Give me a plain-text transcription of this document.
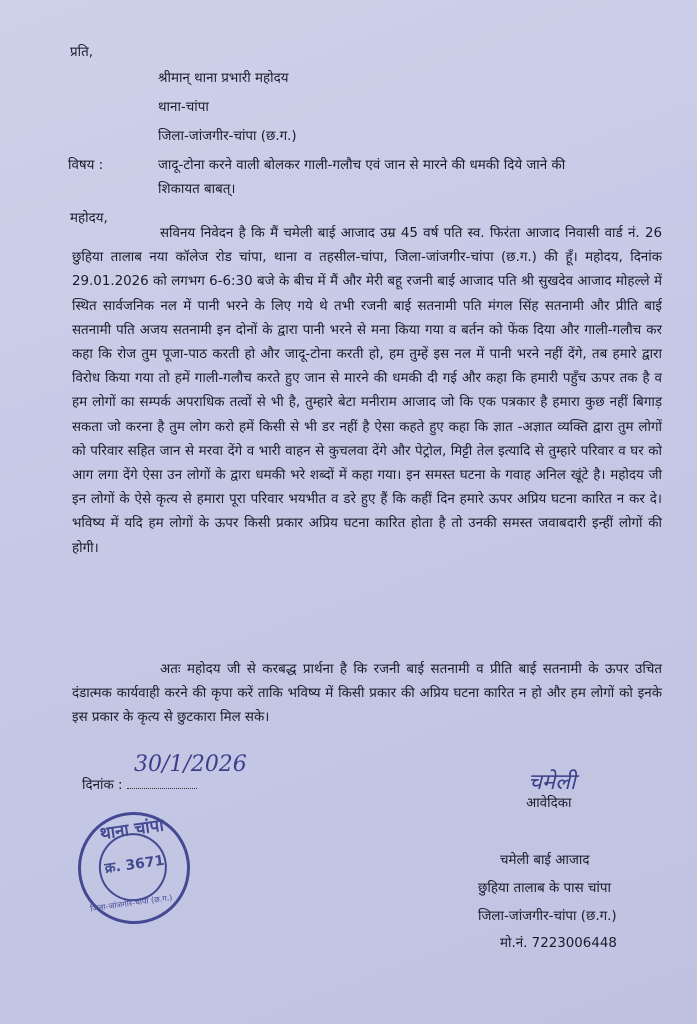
प्रति,
श्रीमान् थाना प्रभारी महोदय
थाना-चांपा
जिला-जांजगीर-चांपा (छ.ग.)
विषय :	जादू-टोना करने वाली बोलकर गाली-गलौच एवं जान से मारने की धमकी दिये जाने की
शिकायत बाबत्।
महोदय,
सविनय निवेदन है कि मैं चमेली बाई आजाद उम्र 45 वर्ष पति स्व. फिरंता आजाद निवासी वार्ड नं. 26 छुहिया तालाब नया कॉलेज रोड चांपा, थाना व तहसील-चांपा, जिला-जांजगीर-चांपा (छ.ग.) की हूँ। महोदय, दिनांक 29.01.2026 को लगभग 6-6:30 बजे के बीच में मैं और मेरी बहू रजनी बाई आजाद पति श्री सुखदेव आजाद मोहल्ले में स्थित सार्वजनिक नल में पानी भरने के लिए गये थे तभी रजनी बाई सतनामी पति मंगल सिंह सतनामी और प्रीति बाई सतनामी पति अजय सतनामी इन दोनों के द्वारा पानी भरने से मना किया गया व बर्तन को फेंक दिया और गाली-गलौच कर कहा कि रोज तुम पूजा-पाठ करती हो और जादू-टोना करती हो, हम तुम्हें इस नल में पानी भरने नहीं देंगे, तब हमारे द्वारा विरोध किया गया तो हमें गाली-गलौच करते हुए जान से मारने की धमकी दी गई और कहा कि हमारी पहुँच ऊपर तक है व हम लोगों का सम्पर्क अपराधिक तत्वों से भी है, तुम्हारे बेटा मनीराम आजाद जो कि एक पत्रकार है हमारा कुछ नहीं बिगाड़ सकता जो करना है तुम लोग करो हमें किसी से भी डर नहीं है ऐसा कहते हुए कहा कि ज्ञात -अज्ञात व्यक्ति द्वारा तुम लोगों को परिवार सहित जान से मरवा देंगे व भारी वाहन से कुचलवा देंगे और पेट्रोल, मिट्टी तेल इत्यादि से तुम्हारे परिवार व घर को आग लगा देंगे ऐसा उन लोगों के द्वारा धमकी भरे शब्दों में कहा गया। इन समस्त घटना के गवाह अनिल खूंटे है। महोदय जी इन लोगों के ऐसे कृत्य से हमारा पूरा परिवार भयभीत व डरे हुए हैं कि कहीं दिन हमारे ऊपर अप्रिय घटना कारित न कर दे। भविष्य में यदि हम लोगों के ऊपर किसी प्रकार अप्रिय घटना कारित होता है तो उनकी समस्त जवाबदारी इन्हीं लोगों की होगी।
अतः महोदय जी से करबद्ध प्रार्थना है कि रजनी बाई सतनामी व प्रीति बाई सतनामी के ऊपर उचित दंडात्मक कार्यवाही करने की कृपा करें ताकि भविष्य में किसी प्रकार की अप्रिय घटना कारित न हो और हम लोगों को इनके इस प्रकार के कृत्य से छुटकारा मिल सके।
दिनांक :
30/1/2026
चमेली
आवेदिका
चमेली बाई आजाद
छुहिया तालाब के पास चांपा
जिला-जांजगीर-चांपा (छ.ग.)
मो.नं. 7223006448
थाना चांपा
क्र. 3671
जिला-जांजगीर-चांपा (छ.ग.)
